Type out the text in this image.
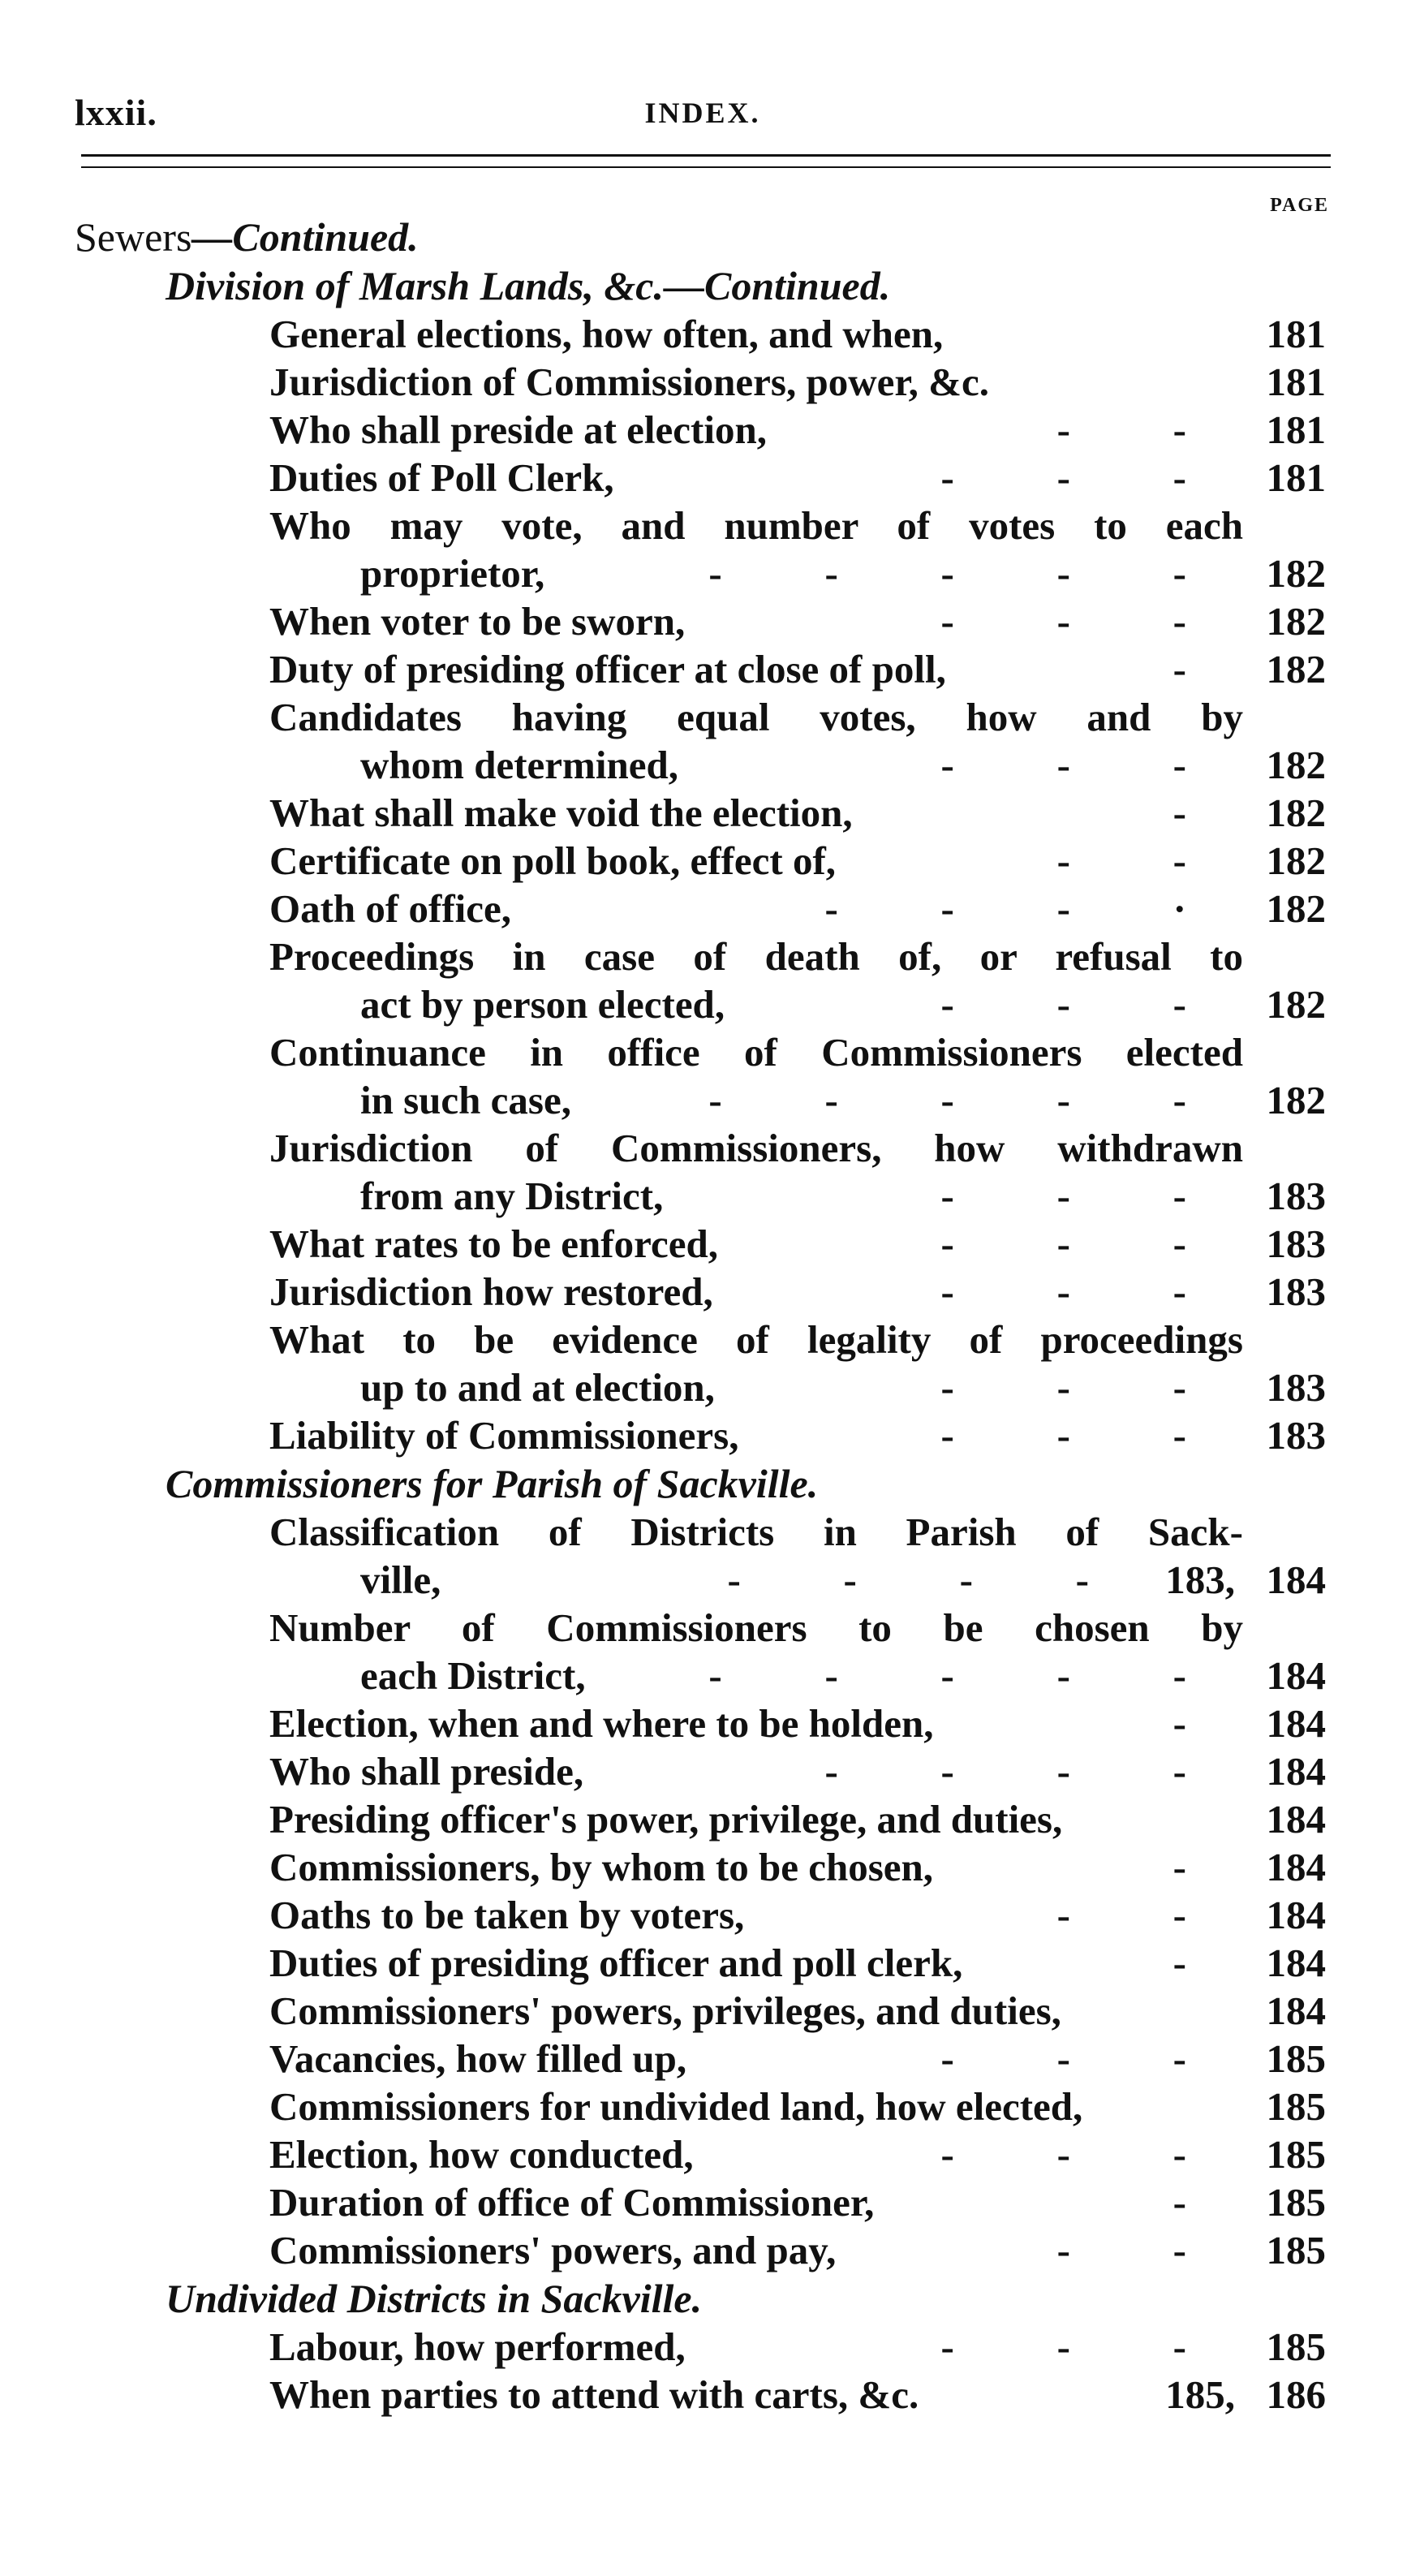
lxxii.	INDEX.
PAGE
Sewers—Continued.
Division of Marsh Lands, &c.—Continued.
General elections, how often, and when,	181
Jurisdiction of Commissioners, power, &c.	181
Who shall preside at election,	-   - 181
Duties of Poll Clerk,	-   -   - 181
Who may vote, and number of votes to each
proprietor,	-   -   -   -   - 182
When voter to be sworn,	-   -   - 182
Duty of presiding officer at close of poll,	- 182
Candidates having equal votes, how and by
whom determined,	-   -   - 182
What shall make void the election,	- 182
Certificate on poll book, effect of,	-   - 182
Oath of office,	-   -   -   · 182
Proceedings in case of death of, or refusal to
act by person elected,	-   -   - 182
Continuance in office of Commissioners elected
in such case,	-   -   -   -   - 182
Jurisdiction of Commissioners, how withdrawn
from any District,	-   -   - 183
What rates to be enforced,	-   -   - 183
Jurisdiction how restored,	-   -   - 183
What to be evidence of legality of proceedings
up to and at election,	-   -   - 183
Liability of Commissioners,	-   -   - 183
Commissioners for Parish of Sackville.
Classification of Districts in Parish of Sack-
ville,	-   -   -   - 183, 184
Number of Commissioners to be chosen by
each District,	-   -   -   -   - 184
Election, when and where to be holden,	- 184
Who shall preside,	-   -   -   - 184
Presiding officer's power, privilege, and duties,	184
Commissioners, by whom to be chosen,	- 184
Oaths to be taken by voters,	-   - 184
Duties of presiding officer and poll clerk,	- 184
Commissioners' powers, privileges, and duties,	184
Vacancies, how filled up,	-   -   - 185
Commissioners for undivided land, how elected,	185
Election, how conducted,	-   -   - 185
Duration of office of Commissioner,	- 185
Commissioners' powers, and pay,	-   - 185
Undivided Districts in Sackville.
Labour, how performed,	-   -   - 185
When parties to attend with carts, &c.	185, 186
